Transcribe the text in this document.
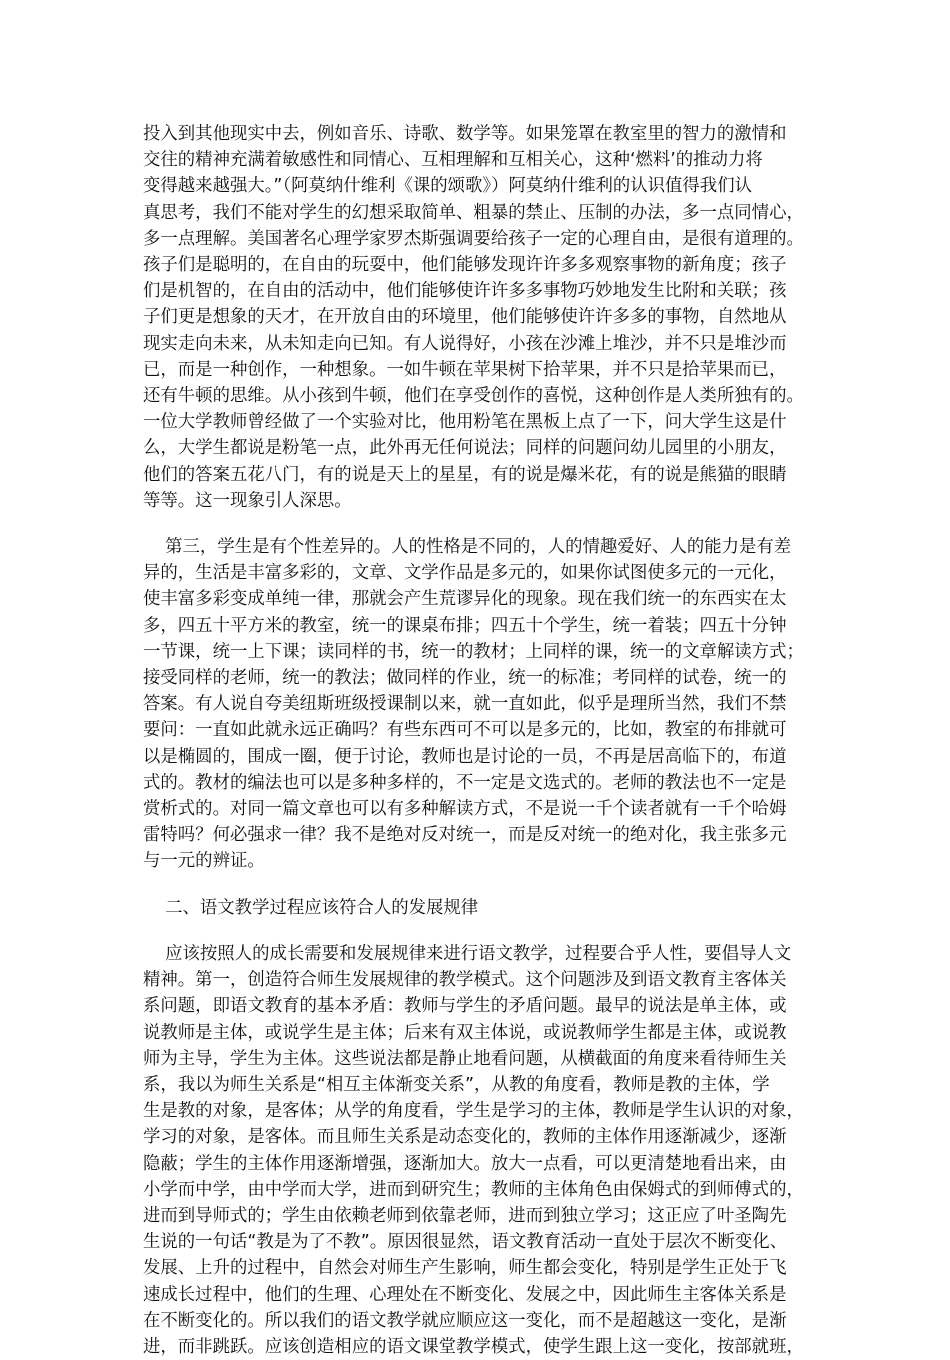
投入到其他现实中去，例如音乐、诗歌、数学等。如果笼罩在教室里的智力的激情和
交往的精神充满着敏感性和同情心、互相理解和互相关心，这种‘燃料’的推动力将
变得越来越强大。”（阿莫纳什维利《课的颂歌》）阿莫纳什维利的认识值得我们认
真思考，我们不能对学生的幻想采取简单、粗暴的禁止、压制的办法，多一点同情心，
多一点理解。美国著名心理学家罗杰斯强调要给孩子一定的心理自由，是很有道理的。
孩子们是聪明的，在自由的玩耍中，他们能够发现许许多多观察事物的新角度；孩子
们是机智的，在自由的活动中，他们能够使许许多多事物巧妙地发生比附和关联；孩
子们更是想象的天才，在开放自由的环境里，他们能够使许许多多的事物，自然地从
现实走向未来，从未知走向已知。有人说得好，小孩在沙滩上堆沙，并不只是堆沙而
已，而是一种创作，一种想象。一如牛顿在苹果树下拾苹果，并不只是拾苹果而已，
还有牛顿的思维。从小孩到牛顿，他们在享受创作的喜悦，这种创作是人类所独有的。
一位大学教师曾经做了一个实验对比，他用粉笔在黑板上点了一下，问大学生这是什
么，大学生都说是粉笔一点，此外再无任何说法；同样的问题问幼儿园里的小朋友，
他们的答案五花八门，有的说是天上的星星，有的说是爆米花，有的说是熊猫的眼睛
等等。这一现象引人深思。
第三，学生是有个性差异的。人的性格是不同的，人的情趣爱好、人的能力是有差
异的，生活是丰富多彩的，文章、文学作品是多元的，如果你试图使多元的一元化，
使丰富多彩变成单纯一律，那就会产生荒谬异化的现象。现在我们统一的东西实在太
多，四五十平方米的教室，统一的课桌布排；四五十个学生，统一着装；四五十分钟
一节课，统一上下课；读同样的书，统一的教材；上同样的课，统一的文章解读方式；
接受同样的老师，统一的教法；做同样的作业，统一的标准；考同样的试卷，统一的
答案。有人说自夸美纽斯班级授课制以来，就一直如此，似乎是理所当然，我们不禁
要问：一直如此就永远正确吗？有些东西可不可以是多元的，比如，教室的布排就可
以是椭圆的，围成一圈，便于讨论，教师也是讨论的一员，不再是居高临下的，布道
式的。教材的编法也可以是多种多样的，不一定是文选式的。老师的教法也不一定是
赏析式的。对同一篇文章也可以有多种解读方式，不是说一千个读者就有一千个哈姆
雷特吗？何必强求一律？我不是绝对反对统一，而是反对统一的绝对化，我主张多元
与一元的辨证。
二、语文教学过程应该符合人的发展规律
应该按照人的成长需要和发展规律来进行语文教学，过程要合乎人性，要倡导人文
精神。第一，创造符合师生发展规律的教学模式。这个问题涉及到语文教育主客体关
系问题，即语文教育的基本矛盾：教师与学生的矛盾问题。最早的说法是单主体，或
说教师是主体，或说学生是主体；后来有双主体说，或说教师学生都是主体，或说教
师为主导，学生为主体。这些说法都是静止地看问题，从横截面的角度来看待师生关
系，我以为师生关系是“相互主体渐变关系”，从教的角度看，教师是教的主体，学
生是教的对象，是客体；从学的角度看，学生是学习的主体，教师是学生认识的对象，
学习的对象，是客体。而且师生关系是动态变化的，教师的主体作用逐渐减少，逐渐
隐蔽；学生的主体作用逐渐增强，逐渐加大。放大一点看，可以更清楚地看出来，由
小学而中学，由中学而大学，进而到研究生；教师的主体角色由保姆式的到师傅式的，
进而到导师式的；学生由依赖老师到依靠老师，进而到独立学习；这正应了叶圣陶先
生说的一句话“教是为了不教”。原因很显然，语文教育活动一直处于层次不断变化、
发展、上升的过程中，自然会对师生产生影响，师生都会变化，特别是学生正处于飞
速成长过程中，他们的生理、心理处在不断变化、发展之中，因此师生主客体关系是
在不断变化的。所以我们的语文教学就应顺应这一变化，而不是超越这一变化，是渐
进，而非跳跃。应该创造相应的语文课堂教学模式，使学生跟上这一变化，按部就班，
